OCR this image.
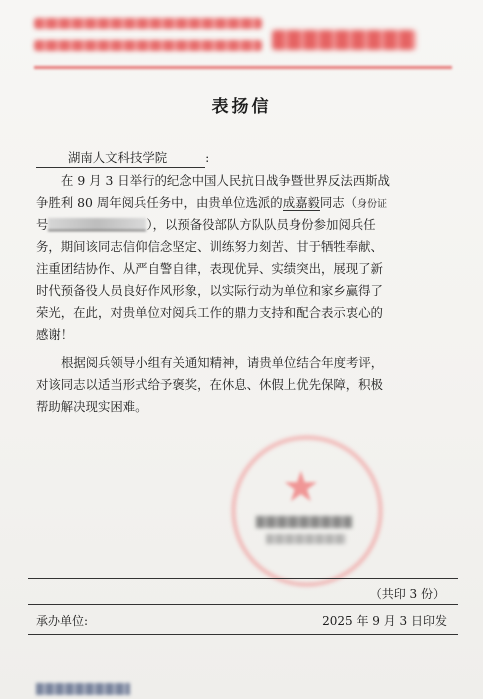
表扬信
湖南人文科技学院	:
在 9 月 3 日举行的纪念中国人民抗日战争暨世界反法西斯战
争胜利 80 周年阅兵任务中，由贵单位选派的成嘉毅同志（身份证
号	），以预备役部队方队队员身份参加阅兵任
务，期间该同志信仰信念坚定、训练努力刻苦、甘于牺牲奉献、
注重团结协作、从严自警自律，表现优异、实绩突出，展现了新
时代预备役人员良好作风形象，以实际行动为单位和家乡赢得了
荣光，在此，对贵单位对阅兵工作的鼎力支持和配合表示衷心的
感谢！
根据阅兵领导小组有关通知精神，请贵单位结合年度考评，
对该同志以适当形式给予褒奖，在休息、休假上优先保障，积极
帮助解决现实困难。
★
（共印 3 份）
承办单位:	2025 年 9 月 3 日印发
